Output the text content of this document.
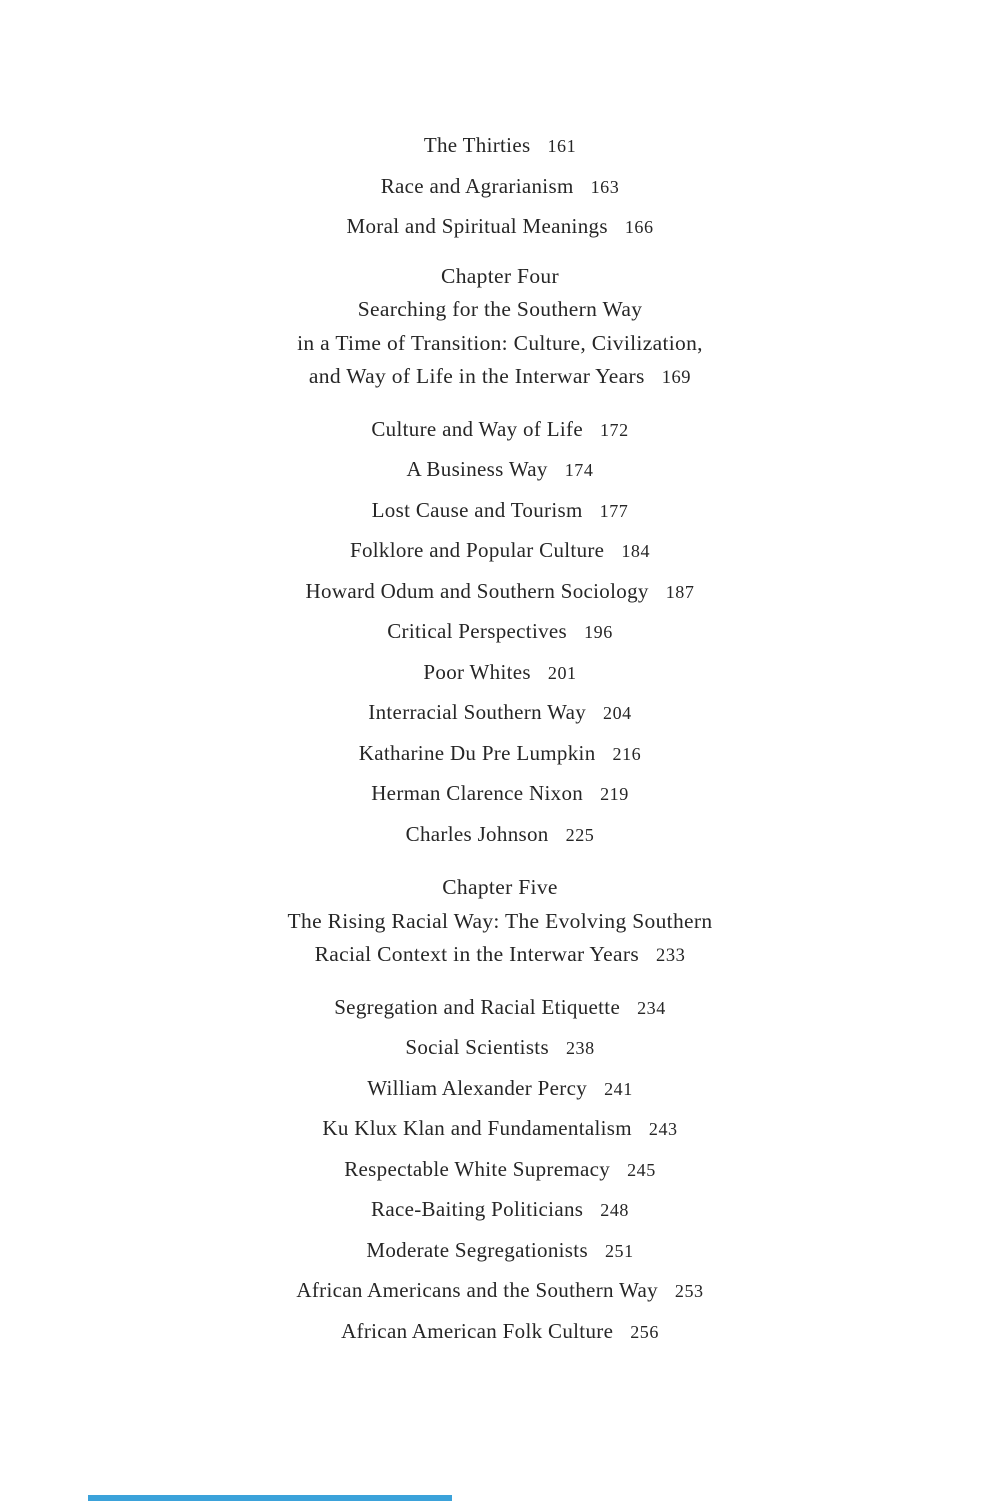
The Thirties 161

Race and Agrarianism 163

Moral and Spiritual Meanings 166

Chapter Four
Searching for the Southern Way
in a Time of Transition: Culture, Civilization,
and Way of Life in the Interwar Years 169

Culture and Way of Life 172

A Business Way 174

Lost Cause and Tourism 177

Folklore and Popular Culture 184

Howard Odum and Southern Sociology 187

Critical Perspectives 196

Poor Whites 201

Interracial Southern Way 204

Katharine Du Pre Lumpkin 216

Herman Clarence Nixon 219

Charles Johnson 225

Chapter Five
The Rising Racial Way: The Evolving Southern
Racial Context in the Interwar Years 233

Segregation and Racial Etiquette 234

Social Scientists 238

William Alexander Percy 241

Ku Klux Klan and Fundamentalism 243

Respectable White Supremacy 245

Race-Baiting Politicians 248

Moderate Segregationists 251

African Americans and the Southern Way 253

African American Folk Culture 256
